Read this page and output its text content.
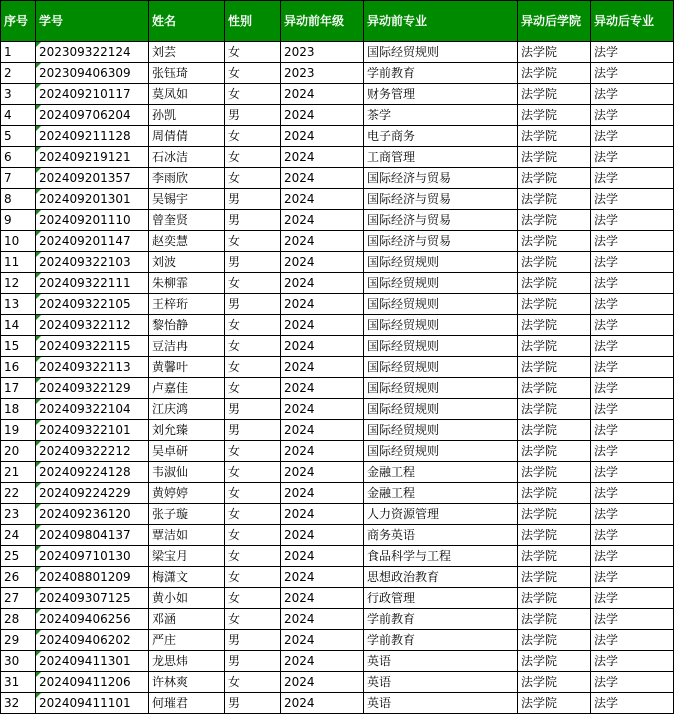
序号	学号	姓名	性别	异动前年级	异动前专业	异动后学院	异动后专业
1	202309322124	刘芸	女	2023	国际经贸规则	法学院	法学
2	202309406309	张钰琦	女	2023	学前教育	法学院	法学
3	202409210117	莫凤如	女	2024	财务管理	法学院	法学
4	202409706204	孙凯	男	2024	茶学	法学院	法学
5	202409211128	周倩倩	女	2024	电子商务	法学院	法学
6	202409219121	石冰洁	女	2024	工商管理	法学院	法学
7	202409201357	李雨欣	女	2024	国际经济与贸易	法学院	法学
8	202409201301	吴锡宇	男	2024	国际经济与贸易	法学院	法学
9	202409201110	曾奎贤	男	2024	国际经济与贸易	法学院	法学
10	202409201147	赵奕慧	女	2024	国际经济与贸易	法学院	法学
11	202409322103	刘波	男	2024	国际经贸规则	法学院	法学
12	202409322111	朱柳霏	女	2024	国际经贸规则	法学院	法学
13	202409322105	王梓珩	男	2024	国际经贸规则	法学院	法学
14	202409322112	黎怡静	女	2024	国际经贸规则	法学院	法学
15	202409322115	豆洁冉	女	2024	国际经贸规则	法学院	法学
16	202409322113	黄馨叶	女	2024	国际经贸规则	法学院	法学
17	202409322129	卢嘉佳	女	2024	国际经贸规则	法学院	法学
18	202409322104	江庆鸿	男	2024	国际经贸规则	法学院	法学
19	202409322101	刘允臻	男	2024	国际经贸规则	法学院	法学
20	202409322212	吴卓研	女	2024	国际经贸规则	法学院	法学
21	202409224128	韦淑仙	女	2024	金融工程	法学院	法学
22	202409224229	黄婷婷	女	2024	金融工程	法学院	法学
23	202409236120	张子璇	女	2024	人力资源管理	法学院	法学
24	202409804137	覃洁如	女	2024	商务英语	法学院	法学
25	202409710130	梁宝月	女	2024	食品科学与工程	法学院	法学
26	202408801209	梅潇文	女	2024	思想政治教育	法学院	法学
27	202409307125	黄小如	女	2024	行政管理	法学院	法学
28	202409406256	邓涵	女	2024	学前教育	法学院	法学
29	202409406202	严庄	男	2024	学前教育	法学院	法学
30	202409411301	龙思炜	男	2024	英语	法学院	法学
31	202409411206	许林爽	女	2024	英语	法学院	法学
32	202409411101	何璀君	男	2024	英语	法学院	法学
